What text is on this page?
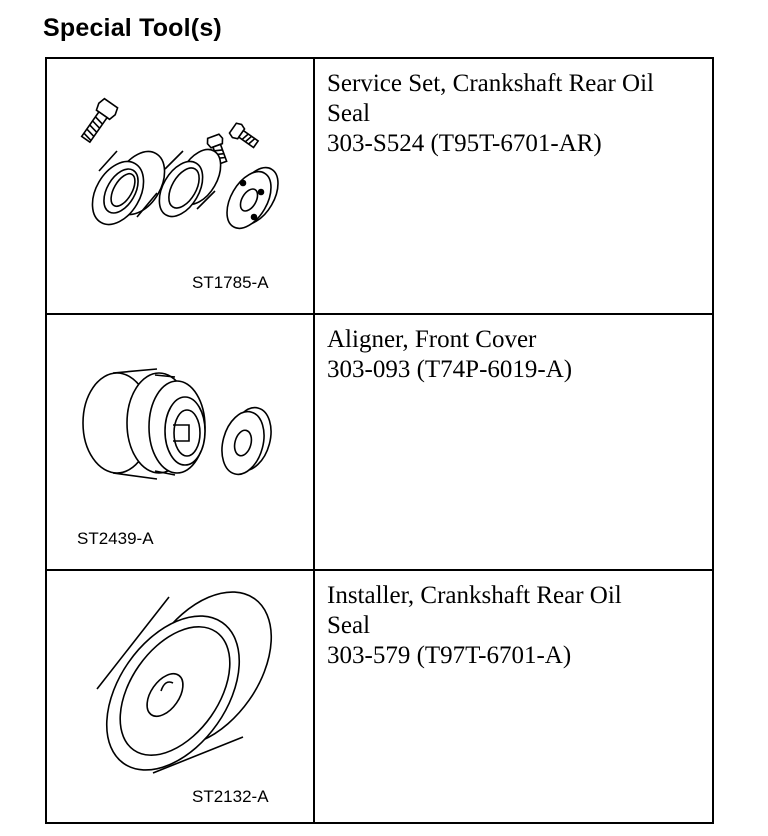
Special Tool(s)
ST1785-A
Service Set, Crankshaft Rear Oil
Seal
303-S524 (T95T-6701-AR)
ST2439-A
Aligner, Front Cover
303-093 (T74P-6019-A)
ST2132-A
Installer, Crankshaft Rear Oil
Seal
303-579 (T97T-6701-A)
